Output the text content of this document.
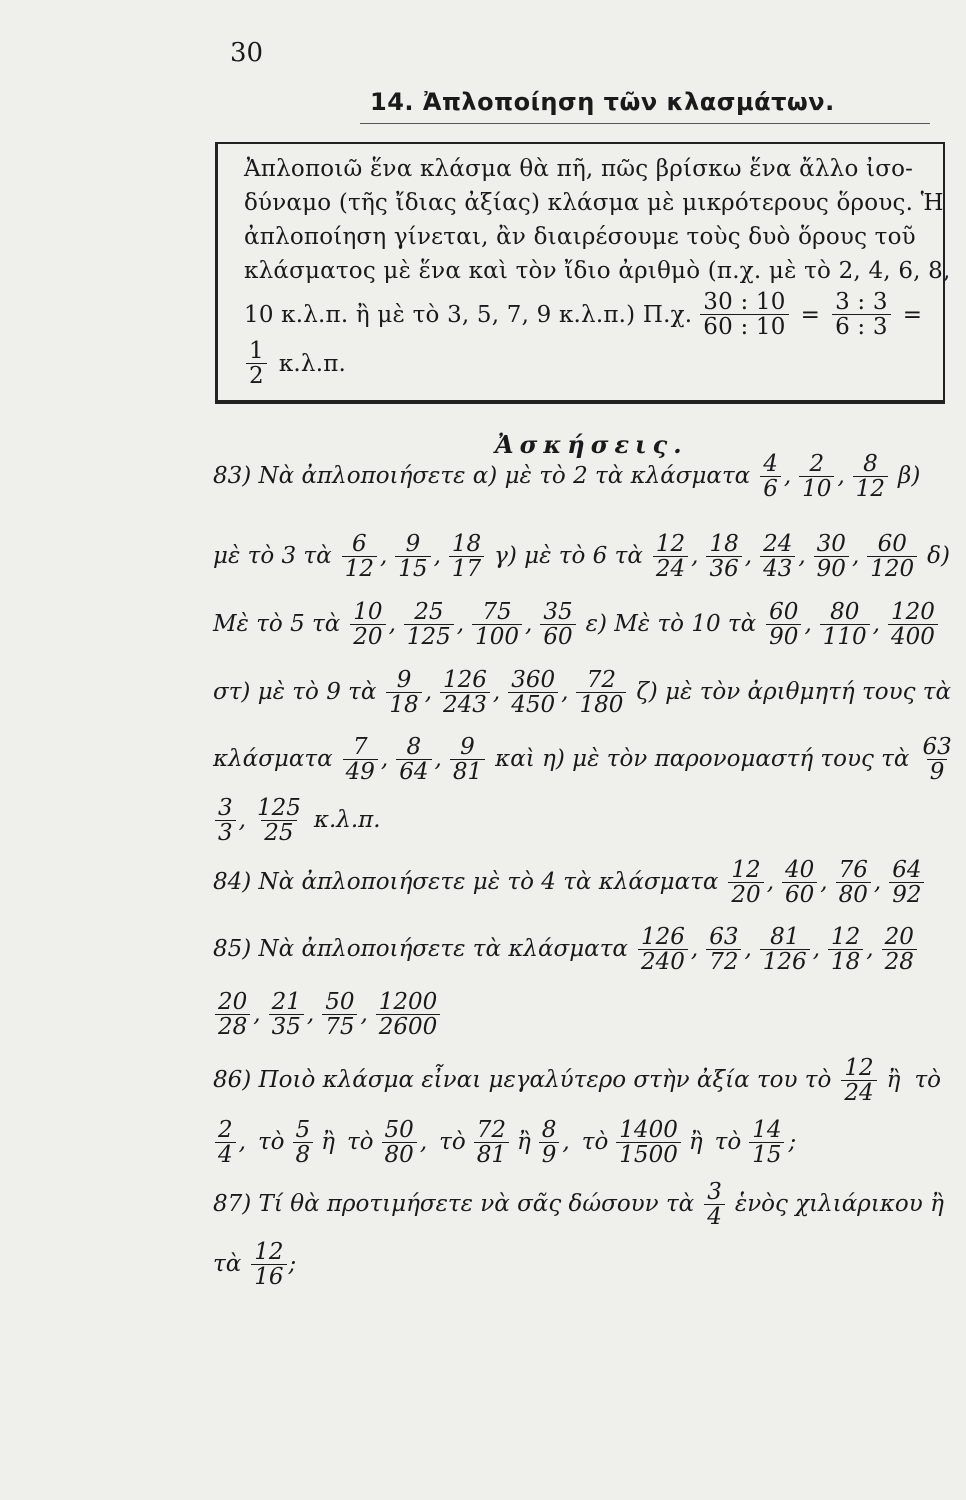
30
14. Ἀπλοποίηση τῶν κλασμάτων.
Ἀπλοποιῶ ἕνα κλάσμα θὰ πῆ, πῶς βρίσκω ἕνα ἄλλο ἰσο-
δύναμο (τῆς ἴδιας ἀξίας) κλάσμα μὲ μικρότερους ὅρους. Ἡ
ἀπλοποίηση γίνεται, ἂν διαιρέσουμε τοὺς δυὸ ὅρους τοῦ
κλάσματος μὲ ἕνα καὶ τὸν ἴδιο ἀριθμὸ (π.χ. μὲ τὸ 2, 4, 6, 8,
10 κ.λ.π. ἢ μὲ τὸ 3, 5, 7, 9 κ.λ.π.) Π.χ. $\frac{30 : 10}{60 : 10} = \frac{3 : 3}{6 : 3}$ =
$\frac{1}{2} \kappa.\lambda.\pi$.
Ἀσκήσεις.
83) Νὰ ἀπλοποιήσετε α) μὲ τὸ 2 τὰ κλάσματα $\frac{4}{6}$ , $\frac{2}{10}$ , $\frac{8}{12} \beta$)
μὲ τὸ 3 τὰ $\frac{6}{12}$ , $\frac{9}{15}$ , $\frac{18}{17} \gamma$) μὲ τὸ 6 τὰ $\frac{12}{24}$ , $\frac{18}{36}$ , $\frac{24}{43}$ , $\frac{30}{90}$ , $\frac{60}{120} \delta$)
Μὲ τὸ 5 τὰ $\frac{10}{20}$ , $\frac{25}{125}$ , $\frac{75}{100}$ , $\frac{35}{60} \varepsilon$) Μὲ τὸ 10 τὰ $\frac{60}{90}$ , $\frac{80}{110}$ , $\frac{120}{400}$
στ) μὲ τὸ 9 τὰ $\frac{9}{18}$ , $\frac{126}{243}$ , $\frac{360}{450}$ , $\frac{72}{180} \zeta$) μὲ τὸν ἀριθμητή τους τὰ
κλάσματα $\frac{7}{49}$ , $\frac{8}{64}$ , $\frac{9}{81}$ καὶ η) μὲ τὸν παρονομαστή τους τὰ $\frac{63}{9}$
$\frac{3}{3}$ , $\frac{125}{25} \kappa.\lambda.\pi$.
84) Νὰ ἀπλοποιήσετε μὲ τὸ 4 τὰ κλάσματα $\frac{12}{20}$ , $\frac{40}{60}$ , $\frac{76}{80}$ , $\frac{64}{92}$
85) Νὰ ἀπλοποιήσετε τὰ κλάσματα $\frac{126}{240}$ , $\frac{63}{72}$ , $\frac{81}{126}$ , $\frac{12}{18}$ , $\frac{20}{28}$
$\frac{20}{28}$ , $\frac{21}{35}$ , $\frac{50}{75}$ , $\frac{1200}{2600}$
86) Ποιὸ κλάσμα εἶναι μεγαλύτερο στὴν ἀξία του τὸ $\frac{12}{24}$ ἢ τὸ
$\frac{2}{4}$ , τὸ $\frac{5}{8}$ ἢ τὸ $\frac{50}{80}$ , τὸ $\frac{72}{81}$ ἢ $\frac{8}{9}$ , τὸ $\frac{1400}{1500}$ ἢ τὸ $\frac{14}{15}$ ;
87) Τί θὰ προτιμήσετε νὰ σᾶς δώσουν τὰ $\frac{3}{4}$ ἑνὸς χιλιάρικου ἢ
τὰ $\frac{12}{16}$ ;
